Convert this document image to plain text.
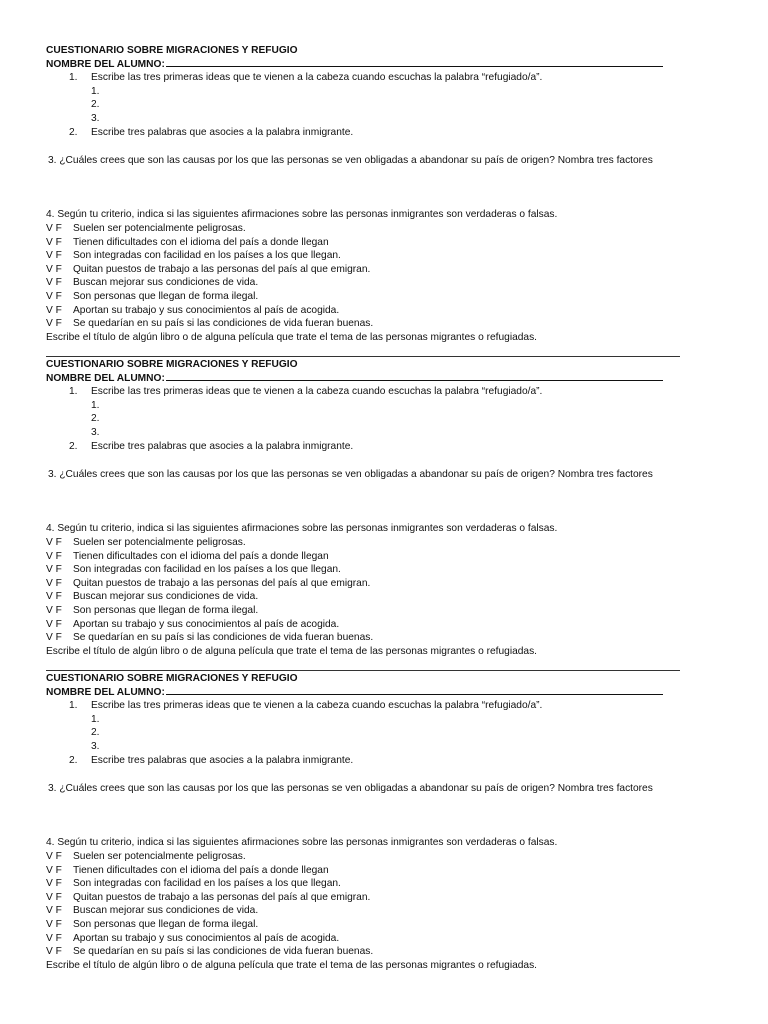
CUESTIONARIO SOBRE MIGRACIONES Y REFUGIO
NOMBRE DEL ALUMNO:
1. Escribe las tres primeras ideas que te vienen a la cabeza cuando escuchas la palabra “refugiado/a”.
1.
2.
3.
2. Escribe tres palabras que asocies a la palabra inmigrante.
3. ¿Cuáles crees que son las causas por los que las personas se ven obligadas a abandonar su país de origen? Nombra tres factores
4. Según tu criterio, indica si las siguientes afirmaciones sobre las personas inmigrantes son verdaderas o falsas.
V F Suelen ser potencialmente peligrosas.
V F Tienen dificultades con el idioma del país a donde llegan
V F Son integradas con facilidad en los países a los que llegan.
V F Quitan puestos de trabajo a las personas del país al que emigran.
V F Buscan mejorar sus condiciones de vida.
V F Son personas que llegan de forma ilegal.
V F Aportan su trabajo y sus conocimientos al país de acogida.
V F Se quedarían en su país si las condiciones de vida fueran buenas.
Escribe el título de algún libro o de alguna película que trate el tema de las personas migrantes o refugiadas.
CUESTIONARIO SOBRE MIGRACIONES Y REFUGIO
NOMBRE DEL ALUMNO:
1. Escribe las tres primeras ideas que te vienen a la cabeza cuando escuchas la palabra “refugiado/a”.
1.
2.
3.
2. Escribe tres palabras que asocies a la palabra inmigrante.
3. ¿Cuáles crees que son las causas por los que las personas se ven obligadas a abandonar su país de origen? Nombra tres factores
4. Según tu criterio, indica si las siguientes afirmaciones sobre las personas inmigrantes son verdaderas o falsas.
V F Suelen ser potencialmente peligrosas.
V F Tienen dificultades con el idioma del país a donde llegan
V F Son integradas con facilidad en los países a los que llegan.
V F Quitan puestos de trabajo a las personas del país al que emigran.
V F Buscan mejorar sus condiciones de vida.
V F Son personas que llegan de forma ilegal.
V F Aportan su trabajo y sus conocimientos al país de acogida.
V F Se quedarían en su país si las condiciones de vida fueran buenas.
Escribe el título de algún libro o de alguna película que trate el tema de las personas migrantes o refugiadas.
CUESTIONARIO SOBRE MIGRACIONES Y REFUGIO
NOMBRE DEL ALUMNO:
1. Escribe las tres primeras ideas que te vienen a la cabeza cuando escuchas la palabra “refugiado/a”.
1.
2.
3.
2. Escribe tres palabras que asocies a la palabra inmigrante.
3. ¿Cuáles crees que son las causas por los que las personas se ven obligadas a abandonar su país de origen? Nombra tres factores
4. Según tu criterio, indica si las siguientes afirmaciones sobre las personas inmigrantes son verdaderas o falsas.
V F Suelen ser potencialmente peligrosas.
V F Tienen dificultades con el idioma del país a donde llegan
V F Son integradas con facilidad en los países a los que llegan.
V F Quitan puestos de trabajo a las personas del país al que emigran.
V F Buscan mejorar sus condiciones de vida.
V F Son personas que llegan de forma ilegal.
V F Aportan su trabajo y sus conocimientos al país de acogida.
V F Se quedarían en su país si las condiciones de vida fueran buenas.
Escribe el título de algún libro o de alguna película que trate el tema de las personas migrantes o refugiadas.
